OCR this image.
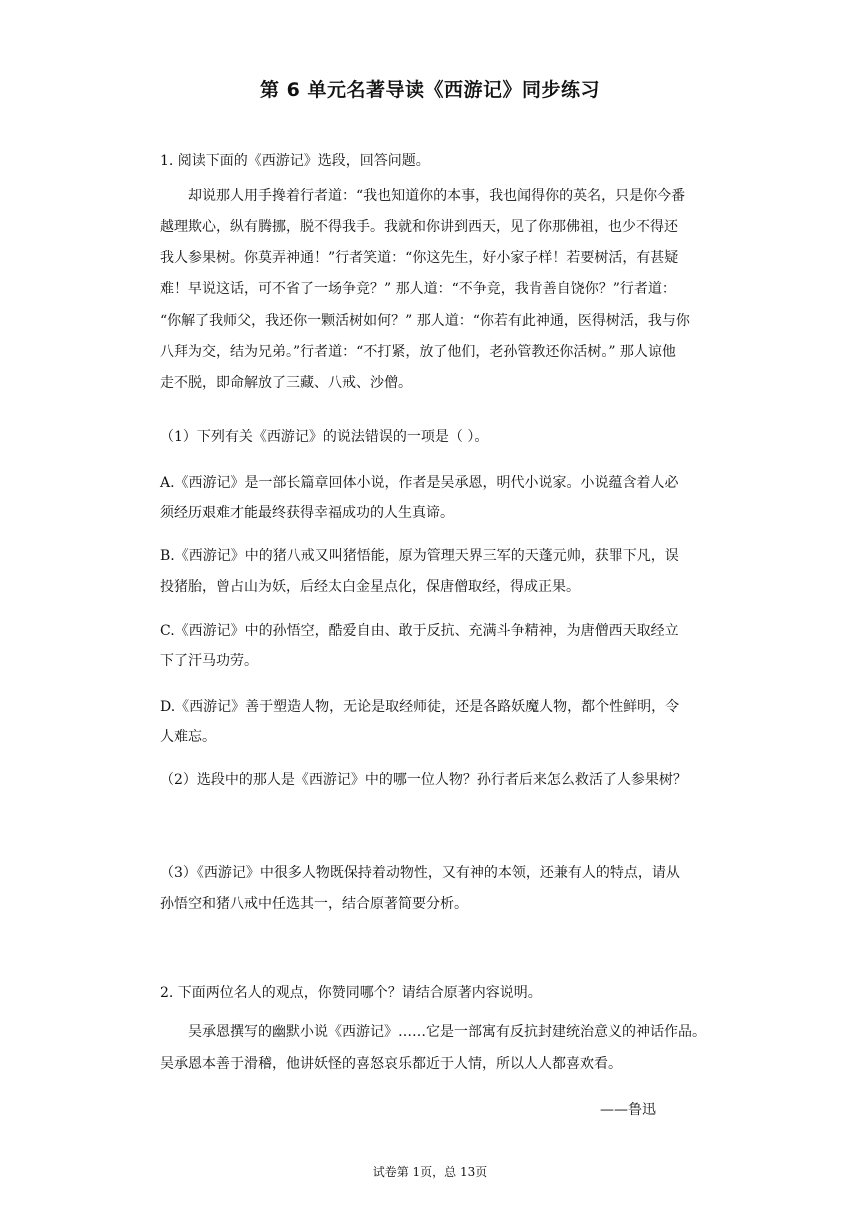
第 6 单元名著导读《西游记》同步练习
1. 阅读下面的《西游记》选段，回答问题。
却说那人用手搀着行者道：“我也知道你的本事，我也闻得你的英名，只是你今番
越理欺心，纵有腾挪，脱不得我手。我就和你讲到西天，见了你那佛祖，也少不得还
我人参果树。你莫弄神通！”行者笑道：“你这先生，好小家子样！若要树活，有甚疑
难！早说这话，可不省了一场争竞？” 那人道：“不争竞，我肯善自饶你？”行者道：
“你解了我师父，我还你一颗活树如何？” 那人道：“你若有此神通，医得树活，我与你
八拜为交，结为兄弟。”行者道：“不打紧，放了他们，老孙管教还你活树。” 那人谅他
走不脱，即命解放了三藏、八戒、沙僧。
（1）下列有关《西游记》的说法错误的一项是（ ）。
A.《西游记》是一部长篇章回体小说，作者是吴承恩，明代小说家。小说蕴含着人必
须经历艰难才能最终获得幸福成功的人生真谛。
B.《西游记》中的猪八戒又叫猪悟能，原为管理天界三军的天蓬元帅，获罪下凡，误
投猪胎，曾占山为妖，后经太白金星点化，保唐僧取经，得成正果。
C.《西游记》中的孙悟空，酷爱自由、敢于反抗、充满斗争精神，为唐僧西天取经立
下了汗马功劳。
D.《西游记》善于塑造人物，无论是取经师徒，还是各路妖魔人物，都个性鲜明，令
人难忘。
（2）选段中的那人是《西游记》中的哪一位人物？孙行者后来怎么救活了人参果树？
（3）《西游记》中很多人物既保持着动物性，又有神的本领，还兼有人的特点，请从
孙悟空和猪八戒中任选其一，结合原著简要分析。
2. 下面两位名人的观点，你赞同哪个？请结合原著内容说明。
吴承恩撰写的幽默小说《西游记》……它是一部寓有反抗封建统治意义的神话作品。
吴承恩本善于滑稽，他讲妖怪的喜怒哀乐都近于人情，所以人人都喜欢看。
——鲁迅
试卷第 1页，总 13页
